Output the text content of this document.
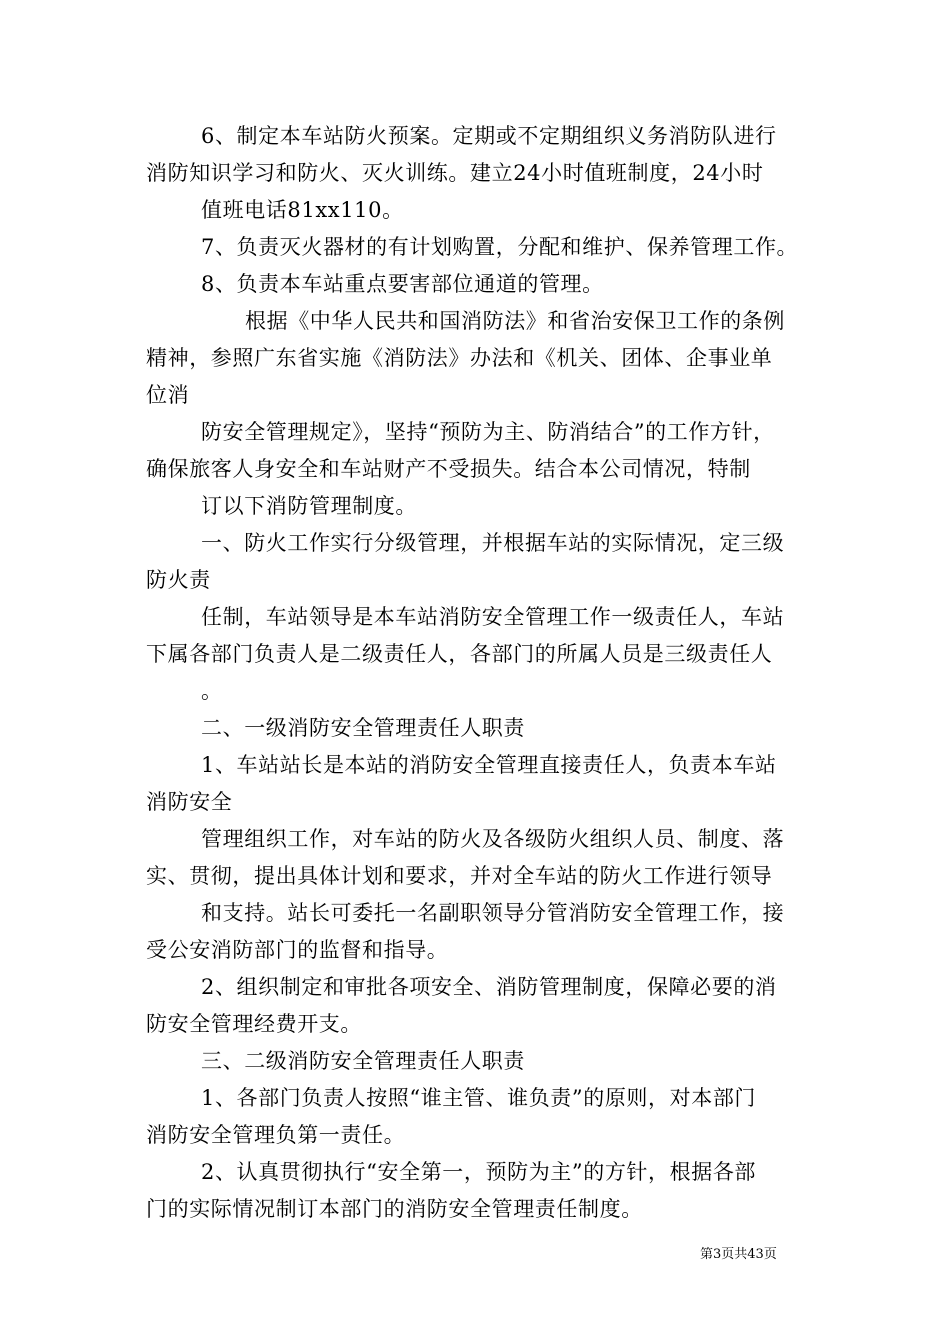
6、制定本车站防火预案。定期或不定期组织义务消防队进行
消防知识学习和防火、灭火训练。建立24小时值班制度，24小时
值班电话81xx110。
7、负责灭火器材的有计划购置，分配和维护、保养管理工作。
8、负责本车站重点要害部位通道的管理。
根据《中华人民共和国消防法》和省治安保卫工作的条例
精神，参照广东省实施《消防法》办法和《机关、团体、企事业单
位消
防安全管理规定》，坚持“预防为主、防消结合”的工作方针，
确保旅客人身安全和车站财产不受损失。结合本公司情况，特制
订以下消防管理制度。
一、防火工作实行分级管理，并根据车站的实际情况，定三级
防火责
任制，车站领导是本车站消防安全管理工作一级责任人，车站
下属各部门负责人是二级责任人，各部门的所属人员是三级责任人
。
二、一级消防安全管理责任人职责
1、车站站长是本站的消防安全管理直接责任人，负责本车站
消防安全
管理组织工作，对车站的防火及各级防火组织人员、制度、落
实、贯彻，提出具体计划和要求，并对全车站的防火工作进行领导
和支持。站长可委托一名副职领导分管消防安全管理工作，接
受公安消防部门的监督和指导。
2、组织制定和审批各项安全、消防管理制度，保障必要的消
防安全管理经费开支。
三、二级消防安全管理责任人职责
1、各部门负责人按照“谁主管、谁负责”的原则，对本部门
消防安全管理负第一责任。
2、认真贯彻执行“安全第一，预防为主”的方针，根据各部
门的实际情况制订本部门的消防安全管理责任制度。
第3页共43页
